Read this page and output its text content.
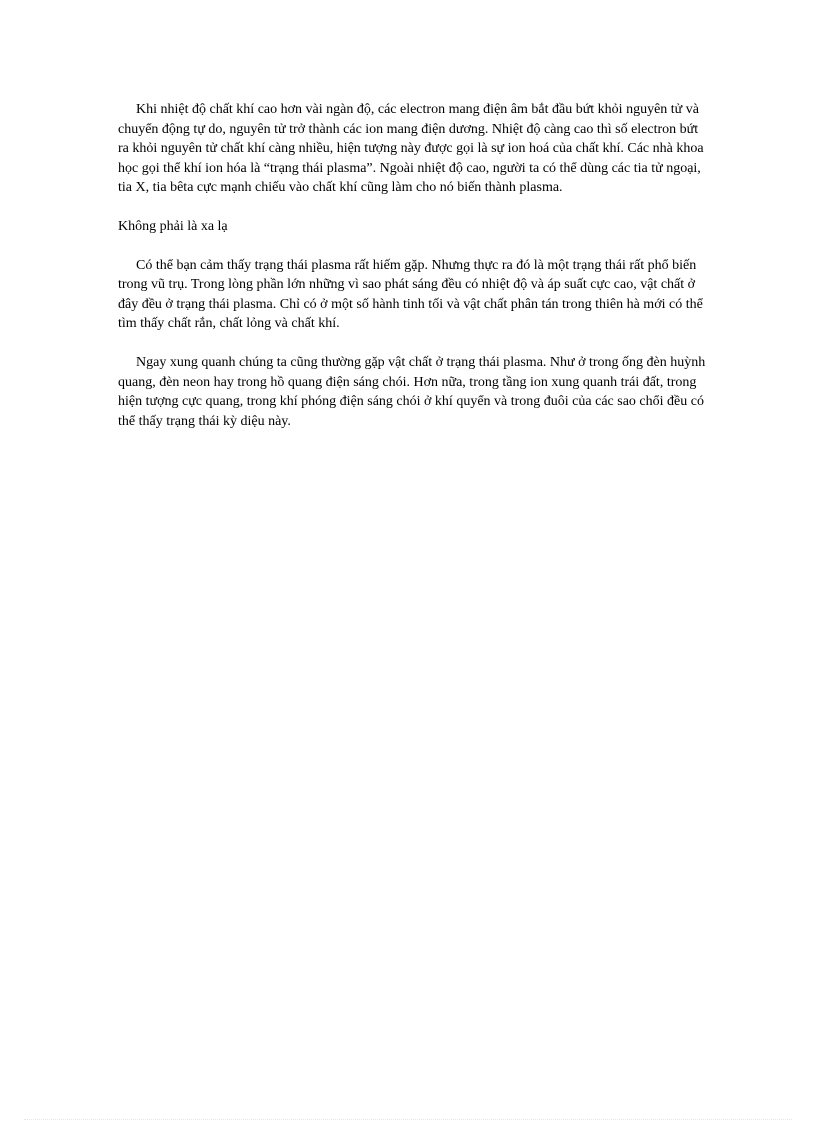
Khi nhiệt độ chất khí cao hơn vài ngàn độ, các electron mang điện âm bắt đầu bứt khỏi nguyên tử và chuyển động tự do, nguyên tử trở thành các ion mang điện dương. Nhiệt độ càng cao thì số electron bứt ra khỏi nguyên tử chất khí càng nhiều, hiện tượng này được gọi là sự ion hoá của chất khí. Các nhà khoa học gọi thể khí ion hóa là “trạng thái plasma”. Ngoài nhiệt độ cao, người ta có thể dùng các tia tử ngoại, tia X, tia bêta cực mạnh chiếu vào chất khí cũng làm cho nó biến thành plasma.

Không phải là xa lạ

Có thể bạn cảm thấy trạng thái plasma rất hiếm gặp. Nhưng thực ra đó là một trạng thái rất phổ biến trong vũ trụ. Trong lòng phần lớn những vì sao phát sáng đều có nhiệt độ và áp suất cực cao, vật chất ở đây đều ở trạng thái plasma. Chỉ có ở một số hành tinh tối và vật chất phân tán trong thiên hà mới có thể tìm thấy chất rắn, chất lỏng và chất khí.

Ngay xung quanh chúng ta cũng thường gặp vật chất ở trạng thái plasma. Như ở trong ống đèn huỳnh quang, đèn neon hay trong hồ quang điện sáng chói. Hơn nữa, trong tầng ion xung quanh trái đất, trong hiện tượng cực quang, trong khí phóng điện sáng chói ở khí quyển và trong đuôi của các sao chổi đều có thể thấy trạng thái kỳ diệu này.
